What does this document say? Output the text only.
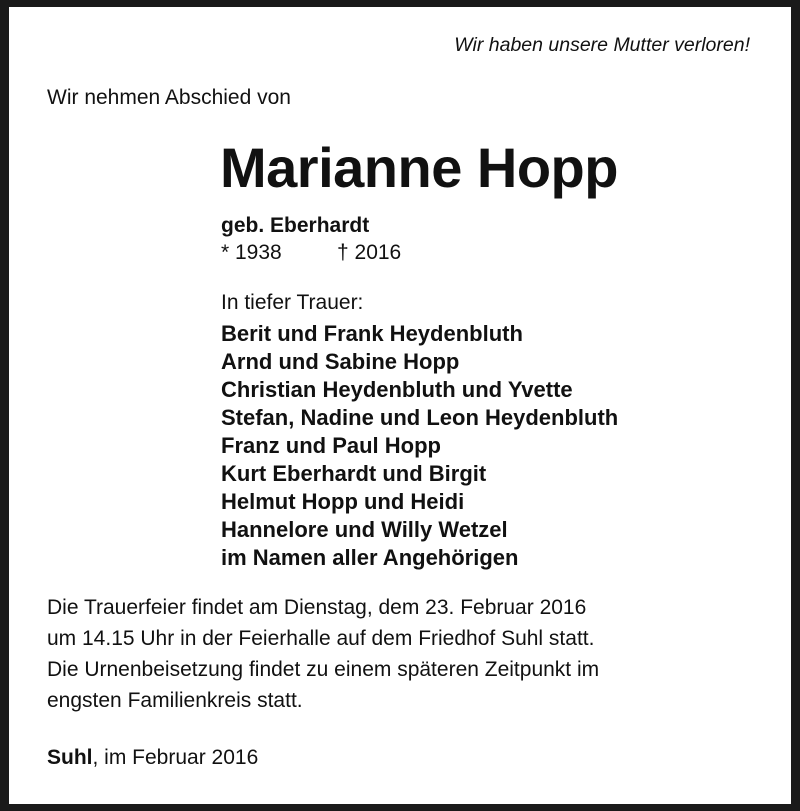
Wir haben unsere Mutter verloren!
Wir nehmen Abschied von
Marianne Hopp
geb. Eberhardt
* 1938	† 2016
In tiefer Trauer:
Berit und Frank Heydenbluth
Arnd und Sabine Hopp
Christian Heydenbluth und Yvette
Stefan, Nadine und Leon Heydenbluth
Franz und Paul Hopp
Kurt Eberhardt und Birgit
Helmut Hopp und Heidi
Hannelore und Willy Wetzel
im Namen aller Angehörigen
Die Trauerfeier findet am Dienstag, dem 23. Februar 2016
um 14.15 Uhr in der Feierhalle auf dem Friedhof Suhl statt.
Die Urnenbeisetzung findet zu einem späteren Zeitpunkt im
engsten Familienkreis statt.
Suhl, im Februar 2016
